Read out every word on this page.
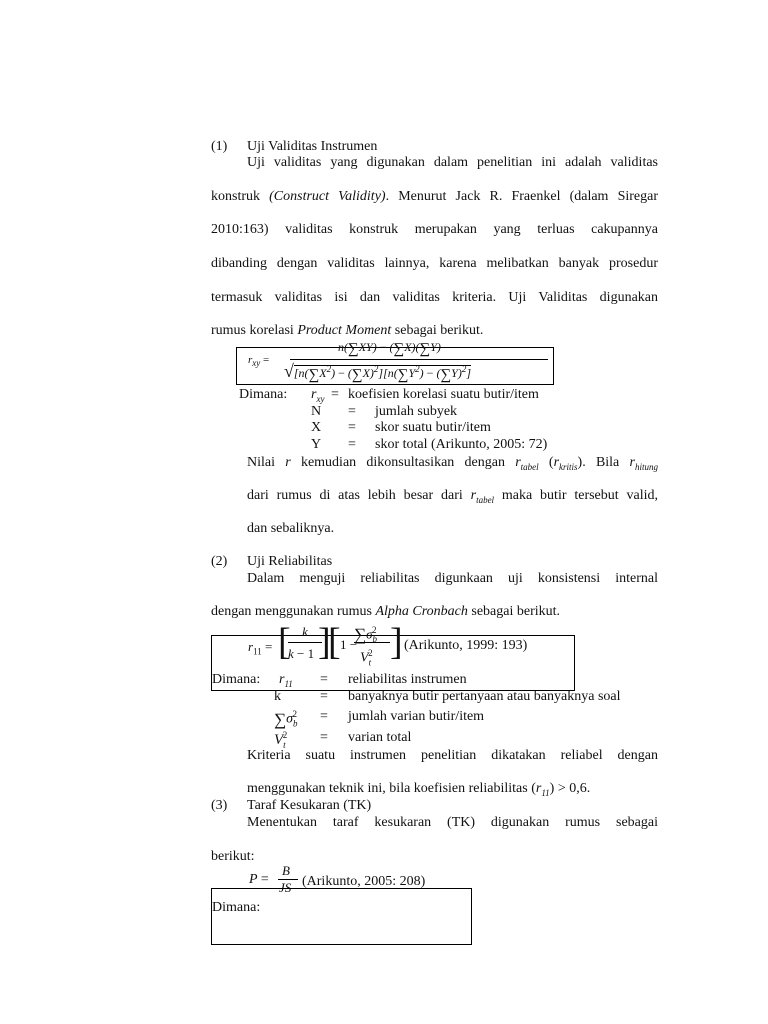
(1) Uji Validitas Instrumen
Uji validitas yang digunakan dalam penelitian ini adalah validitas
konstruk (Construct Validity). Menurut Jack R. Fraenkel (dalam Siregar
2010:163) validitas konstruk merupakan yang terluas cakupannya
dibanding dengan validitas lainnya, karena melibatkan banyak prosedur
termasuk validitas isi dan validitas kriteria. Uji Validitas digunakan
rumus korelasi Product Moment sebagai berikut.
$r_{xy}$ =
n(∑XY) − (∑X)(∑Y)
$√[n(\sum X^2) - (\sum X)^2][n(\sum Y^2) - (\sum Y)^2]$
Dimana: $r_{xy}$ = koefisien korelasi suatu butir/item
N = jumlah subyek
X = skor suatu butir/item
Y = skor total (Arikunto, 2005: 72)
Nilai r kemudian dikonsultasikan dengan $r_{tabel}$ $(r_{kritis})$. Bila $r_{hitung}$
dari rumus di atas lebih besar dari $r_{tabel}$ maka butir tersebut valid,
dan sebaliknya.
(2) Uji Reliabilitas
Dalam menguji reliabilitas digunkaan uji konsistensi internal
dengan menggunakan rumus Alpha Cronbach sebagai berikut.
$r_{11}$ = [ k
k − 1 ]
[ 1 −
$\sum\sigma_b^2$
$V_t^2$ ]
, (Arikunto, 1999: 193)
Dimana: $r_{11}$ = reliabilitas instrumen
k	= banyaknya butir pertanyaan atau banyaknya soal
$\sum\sigma_b^2$	= jumlah varian butir/item
$V_t^2$ = varian total
Kriteria suatu instrumen penelitian dikatakan reliabel dengan
menggunakan teknik ini, bila koefisien reliabilitas $(r_{11}) > 0,6$.
(3) Taraf Kesukaran (TK)
Menentukan taraf kesukaran (TK) digunakan rumus sebagai
berikut:
P =
B
JS (Arikunto, 2005: 208)
Dimana:
